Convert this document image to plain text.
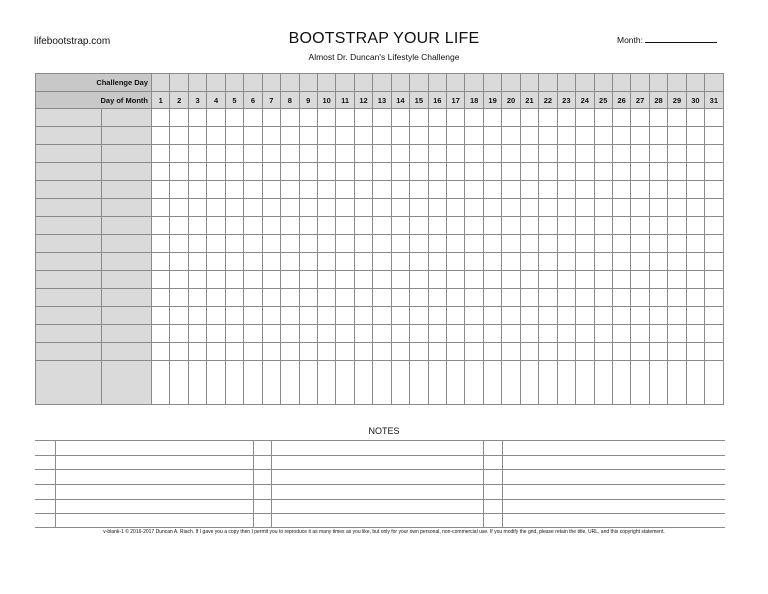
lifebootstrap.com	BOOTSTRAP YOUR LIFE
Almost Dr. Duncan's Lifestyle Challenge
Month:
Challenge Day																																
Day of Month		1	2	3	4	5	6	7	8	9	10	11	12	13	14	15	16	17	18	19	20	21	22	23	24	25	26	27	28	29	30	31

NOTES
v-blank-1 © 2016-2017 Duncan A. Riach. If I gave you a copy then I permit you to reproduce it as many times as you like, but only for your own personal, non-commercial use. If you modify the grid, please retain the title, URL, and this copyright statement.
